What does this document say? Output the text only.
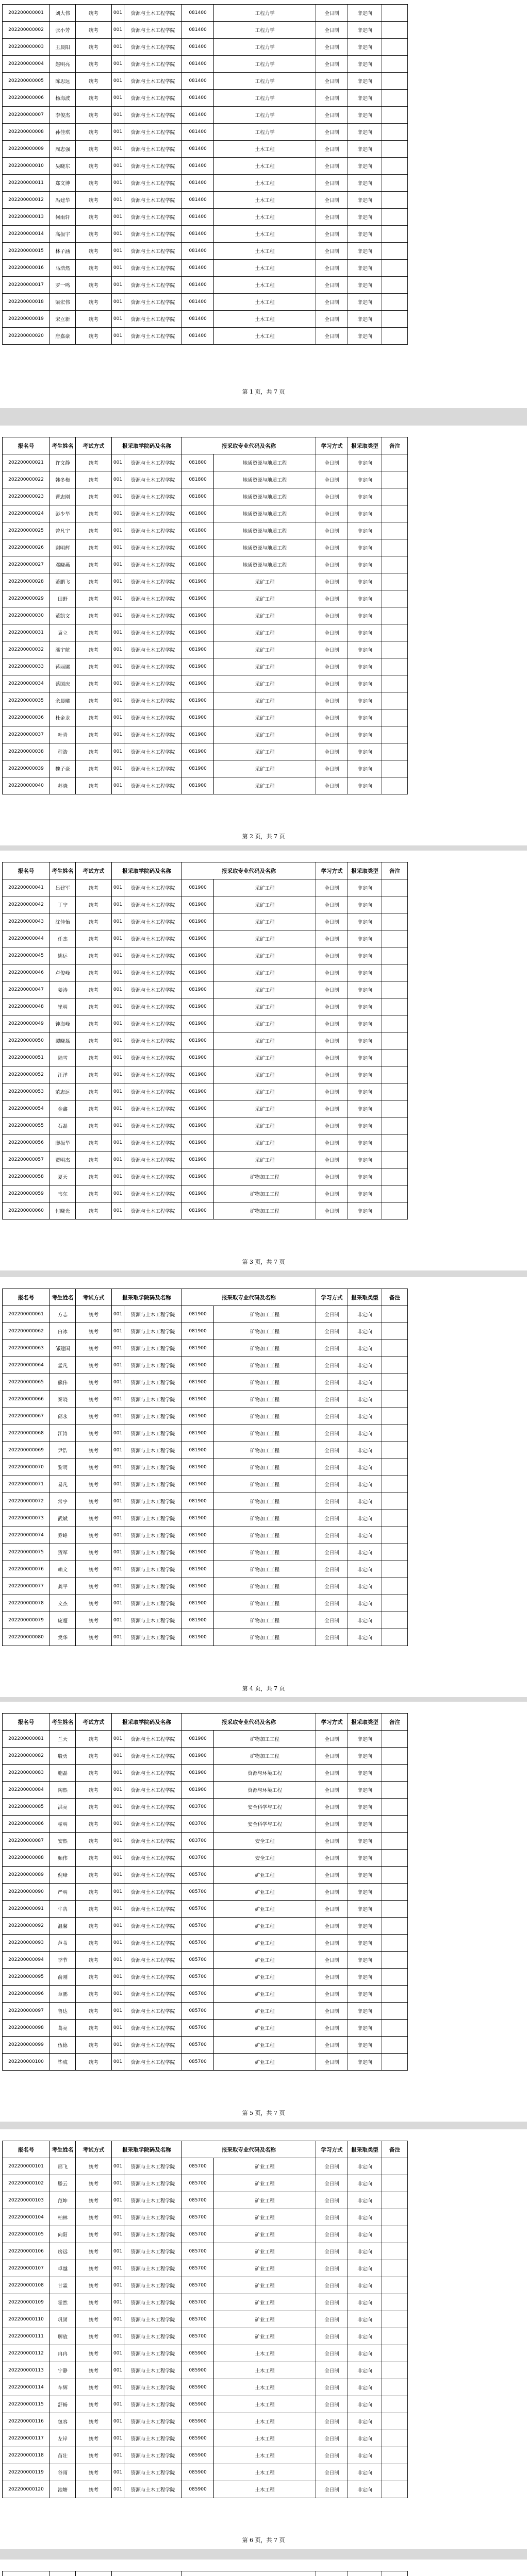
202200000001	刘大伟	统考	001	资源与土木工程学院	081400	工程力学	全日制	非定向	
202200000002	张小芳	统考	001	资源与土木工程学院	081400	工程力学	全日制	非定向	
202200000003	王晨阳	统考	001	资源与土木工程学院	081400	工程力学	全日制	非定向	
202200000004	赵明亮	统考	001	资源与土木工程学院	081400	工程力学	全日制	非定向	
202200000005	陈思远	统考	001	资源与土木工程学院	081400	工程力学	全日制	非定向	
202200000006	杨海波	统考	001	资源与土木工程学院	081400	工程力学	全日制	非定向	
202200000007	李俊杰	统考	001	资源与土木工程学院	081400	工程力学	全日制	非定向	
202200000008	孙佳琪	统考	001	资源与土木工程学院	081400	工程力学	全日制	非定向	
202200000009	周志强	统考	001	资源与土木工程学院	081400	土木工程	全日制	非定向	
202200000010	吴晓东	统考	001	资源与土木工程学院	081400	土木工程	全日制	非定向	
202200000011	郑文博	统考	001	资源与土木工程学院	081400	土木工程	全日制	非定向	
202200000012	冯建华	统考	001	资源与土木工程学院	081400	土木工程	全日制	非定向	
202200000013	何雨轩	统考	001	资源与土木工程学院	081400	土木工程	全日制	非定向	
202200000014	高振宇	统考	001	资源与土木工程学院	081400	土木工程	全日制	非定向	
202200000015	林子涵	统考	001	资源与土木工程学院	081400	土木工程	全日制	非定向	
202200000016	马浩然	统考	001	资源与土木工程学院	081400	土木工程	全日制	非定向	
202200000017	罗一鸣	统考	001	资源与土木工程学院	081400	土木工程	全日制	非定向	
202200000018	梁宏伟	统考	001	资源与土木工程学院	081400	土木工程	全日制	非定向	
202200000019	宋立新	统考	001	资源与土木工程学院	081400	土木工程	全日制	非定向	
202200000020	唐嘉豪	统考	001	资源与土木工程学院	081400	土木工程	全日制	非定向	
第 1 页，共 7 页
报名号	考生姓名	考试方式	报采取学院码及名称		报采取专业代码及名称		学习方式	报采取类型	备注
202200000021	许文静	统考	001	资源与土木工程学院	081800	地质资源与地质工程	全日制	非定向	
202200000022	韩冬梅	统考	001	资源与土木工程学院	081800	地质资源与地质工程	全日制	非定向	
202200000023	曹志刚	统考	001	资源与土木工程学院	081800	地质资源与地质工程	全日制	非定向	
202200000024	彭少华	统考	001	资源与土木工程学院	081800	地质资源与地质工程	全日制	非定向	
202200000025	曾凡宇	统考	001	资源与土木工程学院	081800	地质资源与地质工程	全日制	非定向	
202200000026	谢明辉	统考	001	资源与土木工程学院	081800	地质资源与地质工程	全日制	非定向	
202200000027	邓晓燕	统考	001	资源与土木工程学院	081800	地质资源与地质工程	全日制	非定向	
202200000028	萧鹏飞	统考	001	资源与土木工程学院	081900	采矿工程	全日制	非定向	
202200000029	田野	统考	001	资源与土木工程学院	081900	采矿工程	全日制	非定向	
202200000030	董凯文	统考	001	资源与土木工程学院	081900	采矿工程	全日制	非定向	
202200000031	袁立	统考	001	资源与土木工程学院	081900	采矿工程	全日制	非定向	
202200000032	潘宇航	统考	001	资源与土木工程学院	081900	采矿工程	全日制	非定向	
202200000033	蒋丽娜	统考	001	资源与土木工程学院	081900	采矿工程	全日制	非定向	
202200000034	蔡国庆	统考	001	资源与土木工程学院	081900	采矿工程	全日制	非定向	
202200000035	余晨曦	统考	001	资源与土木工程学院	081900	采矿工程	全日制	非定向	
202200000036	杜金龙	统考	001	资源与土木工程学院	081900	采矿工程	全日制	非定向	
202200000037	叶青	统考	001	资源与土木工程学院	081900	采矿工程	全日制	非定向	
202200000038	程浩	统考	001	资源与土木工程学院	081900	采矿工程	全日制	非定向	
202200000039	魏子豪	统考	001	资源与土木工程学院	081900	采矿工程	全日制	非定向	
202200000040	苏晓	统考	001	资源与土木工程学院	081900	采矿工程	全日制	非定向	
第 2 页，共 7 页
报名号	考生姓名	考试方式	报采取学院码及名称		报采取专业代码及名称		学习方式	报采取类型	备注
202200000041	吕建军	统考	001	资源与土木工程学院	081900	采矿工程	全日制	非定向	
202200000042	丁宁	统考	001	资源与土木工程学院	081900	采矿工程	全日制	非定向	
202200000043	沈佳怡	统考	001	资源与土木工程学院	081900	采矿工程	全日制	非定向	
202200000044	任杰	统考	001	资源与土木工程学院	081900	采矿工程	全日制	非定向	
202200000045	姚远	统考	001	资源与土木工程学院	081900	采矿工程	全日制	非定向	
202200000046	卢俊峰	统考	001	资源与土木工程学院	081900	采矿工程	全日制	非定向	
202200000047	姜涛	统考	001	资源与土木工程学院	081900	采矿工程	全日制	非定向	
202200000048	崔明	统考	001	资源与土木工程学院	081900	采矿工程	全日制	非定向	
202200000049	钟海峰	统考	001	资源与土木工程学院	081900	采矿工程	全日制	非定向	
202200000050	谭晓磊	统考	001	资源与土木工程学院	081900	采矿工程	全日制	非定向	
202200000051	陆雪	统考	001	资源与土木工程学院	081900	采矿工程	全日制	非定向	
202200000052	汪洋	统考	001	资源与土木工程学院	081900	采矿工程	全日制	非定向	
202200000053	范志远	统考	001	资源与土木工程学院	081900	采矿工程	全日制	非定向	
202200000054	金鑫	统考	001	资源与土木工程学院	081900	采矿工程	全日制	非定向	
202200000055	石磊	统考	001	资源与土木工程学院	081900	采矿工程	全日制	非定向	
202200000056	廖振华	统考	001	资源与土木工程学院	081900	采矿工程	全日制	非定向	
202200000057	贾明杰	统考	001	资源与土木工程学院	081900	采矿工程	全日制	非定向	
202200000058	夏天	统考	001	资源与土木工程学院	081900	矿物加工工程	全日制	非定向	
202200000059	韦东	统考	001	资源与土木工程学院	081900	矿物加工工程	全日制	非定向	
202200000060	付晓光	统考	001	资源与土木工程学院	081900	矿物加工工程	全日制	非定向	
第 3 页，共 7 页
报名号	考生姓名	考试方式	报采取学院码及名称		报采取专业代码及名称		学习方式	报采取类型	备注
202200000061	方志	统考	001	资源与土木工程学院	081900	矿物加工工程	全日制	非定向	
202200000062	白冰	统考	001	资源与土木工程学院	081900	矿物加工工程	全日制	非定向	
202200000063	邹建国	统考	001	资源与土木工程学院	081900	矿物加工工程	全日制	非定向	
202200000064	孟凡	统考	001	资源与土木工程学院	081900	矿物加工工程	全日制	非定向	
202200000065	熊伟	统考	001	资源与土木工程学院	081900	矿物加工工程	全日制	非定向	
202200000066	秦晓	统考	001	资源与土木工程学院	081900	矿物加工工程	全日制	非定向	
202200000067	邱永	统考	001	资源与土木工程学院	081900	矿物加工工程	全日制	非定向	
202200000068	江涛	统考	001	资源与土木工程学院	081900	矿物加工工程	全日制	非定向	
202200000069	尹浩	统考	001	资源与土木工程学院	081900	矿物加工工程	全日制	非定向	
202200000070	黎明	统考	001	资源与土木工程学院	081900	矿物加工工程	全日制	非定向	
202200000071	易凡	统考	001	资源与土木工程学院	081900	矿物加工工程	全日制	非定向	
202200000072	常宇	统考	001	资源与土木工程学院	081900	矿物加工工程	全日制	非定向	
202200000073	武斌	统考	001	资源与土木工程学院	081900	矿物加工工程	全日制	非定向	
202200000074	乔峰	统考	001	资源与土木工程学院	081900	矿物加工工程	全日制	非定向	
202200000075	贺军	统考	001	资源与土木工程学院	081900	矿物加工工程	全日制	非定向	
202200000076	赖文	统考	001	资源与土木工程学院	081900	矿物加工工程	全日制	非定向	
202200000077	龚平	统考	001	资源与土木工程学院	081900	矿物加工工程	全日制	非定向	
202200000078	文杰	统考	001	资源与土木工程学院	081900	矿物加工工程	全日制	非定向	
202200000079	庞超	统考	001	资源与土木工程学院	081900	矿物加工工程	全日制	非定向	
202200000080	樊华	统考	001	资源与土木工程学院	081900	矿物加工工程	全日制	非定向	
第 4 页，共 7 页
报名号	考生姓名	考试方式	报采取学院码及名称		报采取专业代码及名称		学习方式	报采取类型	备注
202200000081	兰天	统考	001	资源与土木工程学院	081900	矿物加工工程	全日制	非定向	
202200000082	殷勇	统考	001	资源与土木工程学院	081900	矿物加工工程	全日制	非定向	
202200000083	施磊	统考	001	资源与土木工程学院	081900	资源与环境工程	全日制	非定向	
202200000084	陶然	统考	001	资源与土木工程学院	081900	资源与环境工程	全日制	非定向	
202200000085	洪亮	统考	001	资源与土木工程学院	083700	安全科学与工程	全日制	非定向	
202200000086	翟明	统考	001	资源与土木工程学院	083700	安全科学与工程	全日制	非定向	
202200000087	安然	统考	001	资源与土木工程学院	083700	安全工程	全日制	非定向	
202200000088	颜伟	统考	001	资源与土木工程学院	083700	安全工程	全日制	非定向	
202200000089	倪峰	统考	001	资源与土木工程学院	085700	矿业工程	全日制	非定向	
202200000090	严明	统考	001	资源与土木工程学院	085700	矿业工程	全日制	非定向	
202200000091	牛犇	统考	001	资源与土木工程学院	085700	矿业工程	全日制	非定向	
202200000092	温馨	统考	001	资源与土木工程学院	085700	矿业工程	全日制	非定向	
202200000093	芦苇	统考	001	资源与土木工程学院	085700	矿业工程	全日制	非定向	
202200000094	季节	统考	001	资源与土木工程学院	085700	矿业工程	全日制	非定向	
202200000095	俞刚	统考	001	资源与土木工程学院	085700	矿业工程	全日制	非定向	
202200000096	章鹏	统考	001	资源与土木工程学院	085700	矿业工程	全日制	非定向	
202200000097	鲁达	统考	001	资源与土木工程学院	085700	矿业工程	全日制	非定向	
202200000098	葛亮	统考	001	资源与土木工程学院	085700	矿业工程	全日制	非定向	
202200000099	伍德	统考	001	资源与土木工程学院	085700	矿业工程	全日制	非定向	
202200000100	毕成	统考	001	资源与土木工程学院	085700	矿业工程	全日制	非定向	
第 5 页，共 7 页
报名号	考生姓名	考试方式	报采取学院码及名称		报采取专业代码及名称		学习方式	报采取类型	备注
202200000101	邢飞	统考	001	资源与土木工程学院	085700	矿业工程	全日制	非定向	
202200000102	滕云	统考	001	资源与土木工程学院	085700	矿业工程	全日制	非定向	
202200000103	范坤	统考	001	资源与土木工程学院	085700	矿业工程	全日制	非定向	
202200000104	柏林	统考	001	资源与土木工程学院	085700	矿业工程	全日制	非定向	
202200000105	向阳	统考	001	资源与土木工程学院	085700	矿业工程	全日制	非定向	
202200000106	房远	统考	001	资源与土木工程学院	085700	矿业工程	全日制	非定向	
202200000107	卓越	统考	001	资源与土木工程学院	085700	矿业工程	全日制	非定向	
202200000108	甘霖	统考	001	资源与土木工程学院	085700	矿业工程	全日制	非定向	
202200000109	霍然	统考	001	资源与土木工程学院	085700	矿业工程	全日制	非定向	
202200000110	巩固	统考	001	资源与土木工程学院	085700	矿业工程	全日制	非定向	
202200000111	解放	统考	001	资源与土木工程学院	085700	矿业工程	全日制	非定向	
202200000112	冉冉	统考	001	资源与土木工程学院	085900	土木工程	全日制	非定向	
202200000113	宁静	统考	001	资源与土木工程学院	085900	土木工程	全日制	非定向	
202200000114	车辉	统考	001	资源与土木工程学院	085900	土木工程	全日制	非定向	
202200000115	舒畅	统考	001	资源与土木工程学院	085900	土木工程	全日制	非定向	
202200000116	包容	统考	001	资源与土木工程学院	085900	土木工程	全日制	非定向	
202200000117	左岸	统考	001	资源与土木工程学院	085900	土木工程	全日制	非定向	
202200000118	苗壮	统考	001	资源与土木工程学院	085900	土木工程	全日制	非定向	
202200000119	谷雨	统考	001	资源与土木工程学院	085900	土木工程	全日制	非定向	
202200000120	池塘	统考	001	资源与土木工程学院	085900	土木工程	全日制	非定向	
第 6 页，共 7 页
